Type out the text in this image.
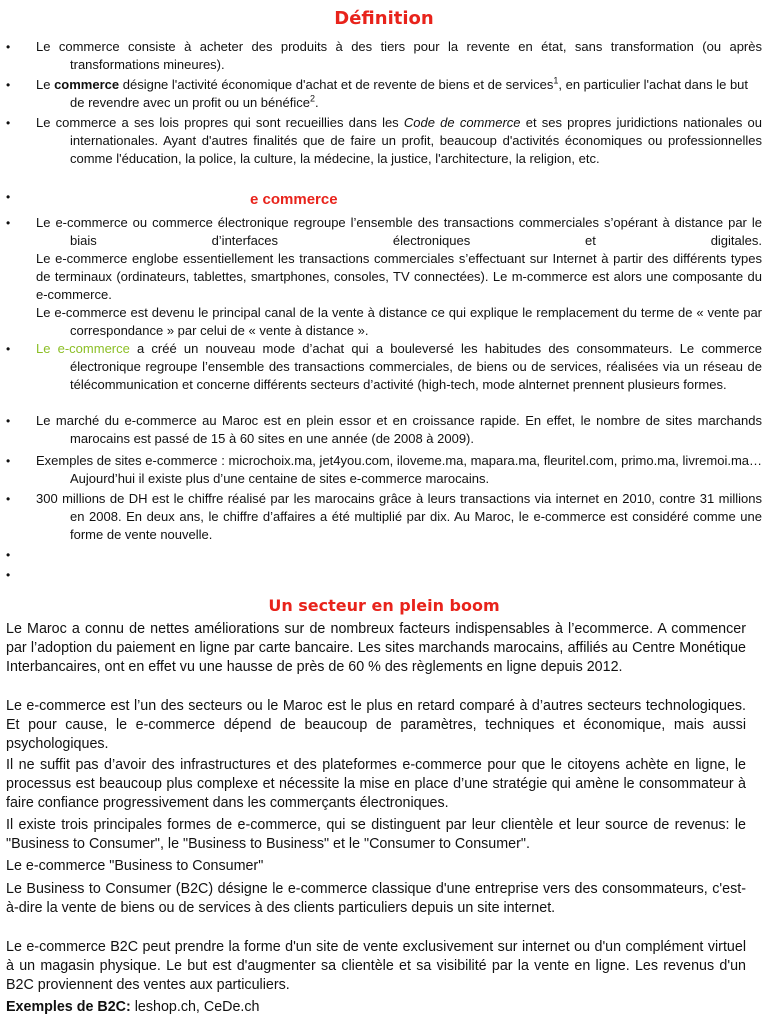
Définition
• Le commerce consiste à acheter des produits à des tiers pour la revente en état, sans transformation (ou après transformations mineures).
• Le commerce désigne l'activité économique d'achat et de revente de biens et de services$^1$, en particulier l'achat dans le but de revendre avec un profit ou un bénéfice$^2$.
• Le commerce a ses lois propres qui sont recueillies dans les Code de commerce et ses propres juridictions nationales ou internationales. Ayant d'autres finalités que de faire un profit, beaucoup d'activités économiques ou professionnelles comme l'éducation, la police, la culture, la médecine, la justice, l'architecture, la religion, etc.
•	e commerce
• Le e-commerce ou commerce électronique regroupe l’ensemble des transactions commerciales s’opérant à distance par le biais d’interfaces électroniques et digitales.
Le e-commerce englobe essentiellement les transactions commerciales s’effectuant sur Internet à partir des différents types de terminaux (ordinateurs, tablettes, smartphones, consoles, TV connectées). Le m-commerce est alors une composante du e-commerce.
Le e-commerce est devenu le principal canal de la vente à distance ce qui explique le remplacement du terme de « vente par correspondance » par celui de « vente à distance ».
• Le e-commerce a créé un nouveau mode d’achat qui a bouleversé les habitudes des consommateurs. Le commerce électronique regroupe l’ensemble des transactions commerciales, de biens ou de services, réalisées via un réseau de télécommunication et concerne différents secteurs d’activité (high-tech, mode alnternet prennent plusieurs formes.
• Le marché du e-commerce au Maroc est en plein essor et en croissance rapide. En effet, le nombre de sites marchands marocains est passé de 15 à 60 sites en une année (de 2008 à 2009).
• Exemples de sites e-commerce : microchoix.ma, jet4you.com, iloveme.ma, mapara.ma, fleuritel.com, primo.ma, livremoi.ma… Aujourd’hui il existe plus d’une centaine de sites e-commerce marocains.
• 300 millions de DH est le chiffre réalisé par les marocains grâce à leurs transactions via internet en 2010, contre 31 millions en 2008. En deux ans, le chiffre d’affaires a été multiplié par dix. Au Maroc, le e-commerce est considéré comme une forme de vente nouvelle.
•
•
Un secteur en plein boom

Le Maroc a connu de nettes améliorations sur de nombreux facteurs indispensables à l’ecommerce. A commencer par l’adoption du paiement en ligne par carte bancaire. Les sites marchands marocains, affiliés au Centre Monétique Interbancaires, ont en effet vu une hausse de près de 60 % des règlements en ligne depuis 2012.

Le e-commerce est l’un des secteurs ou le Maroc est le plus en retard comparé à d’autres secteurs technologiques. Et pour cause, le e-commerce dépend de beaucoup de paramètres, techniques et économique, mais aussi psychologiques.

Il ne suffit pas d’avoir des infrastructures et des plateformes e-commerce pour que le citoyens achète en ligne, le processus est beaucoup plus complexe et nécessite la mise en place d’une stratégie qui amène le consommateur à faire confiance progressivement dans les commerçants électroniques.

Il existe trois principales formes de e-commerce, qui se distinguent par leur clientèle et leur source de revenus: le "Business to Consumer", le "Business to Business" et le "Consumer to Consumer".

Le e-commerce "Business to Consumer"

Le Business to Consumer (B2C) désigne le e-commerce classique d'une entreprise vers des consommateurs, c'est-à-dire la vente de biens ou de services à des clients particuliers depuis un site internet.

Le e-commerce B2C peut prendre la forme d'un site de vente exclusivement sur internet ou d'un complément virtuel à un magasin physique. Le but est d'augmenter sa clientèle et sa visibilité par la vente en ligne. Les revenus d'un B2C proviennent des ventes aux particuliers.

Exemples de B2C: leshop.ch, CeDe.ch
